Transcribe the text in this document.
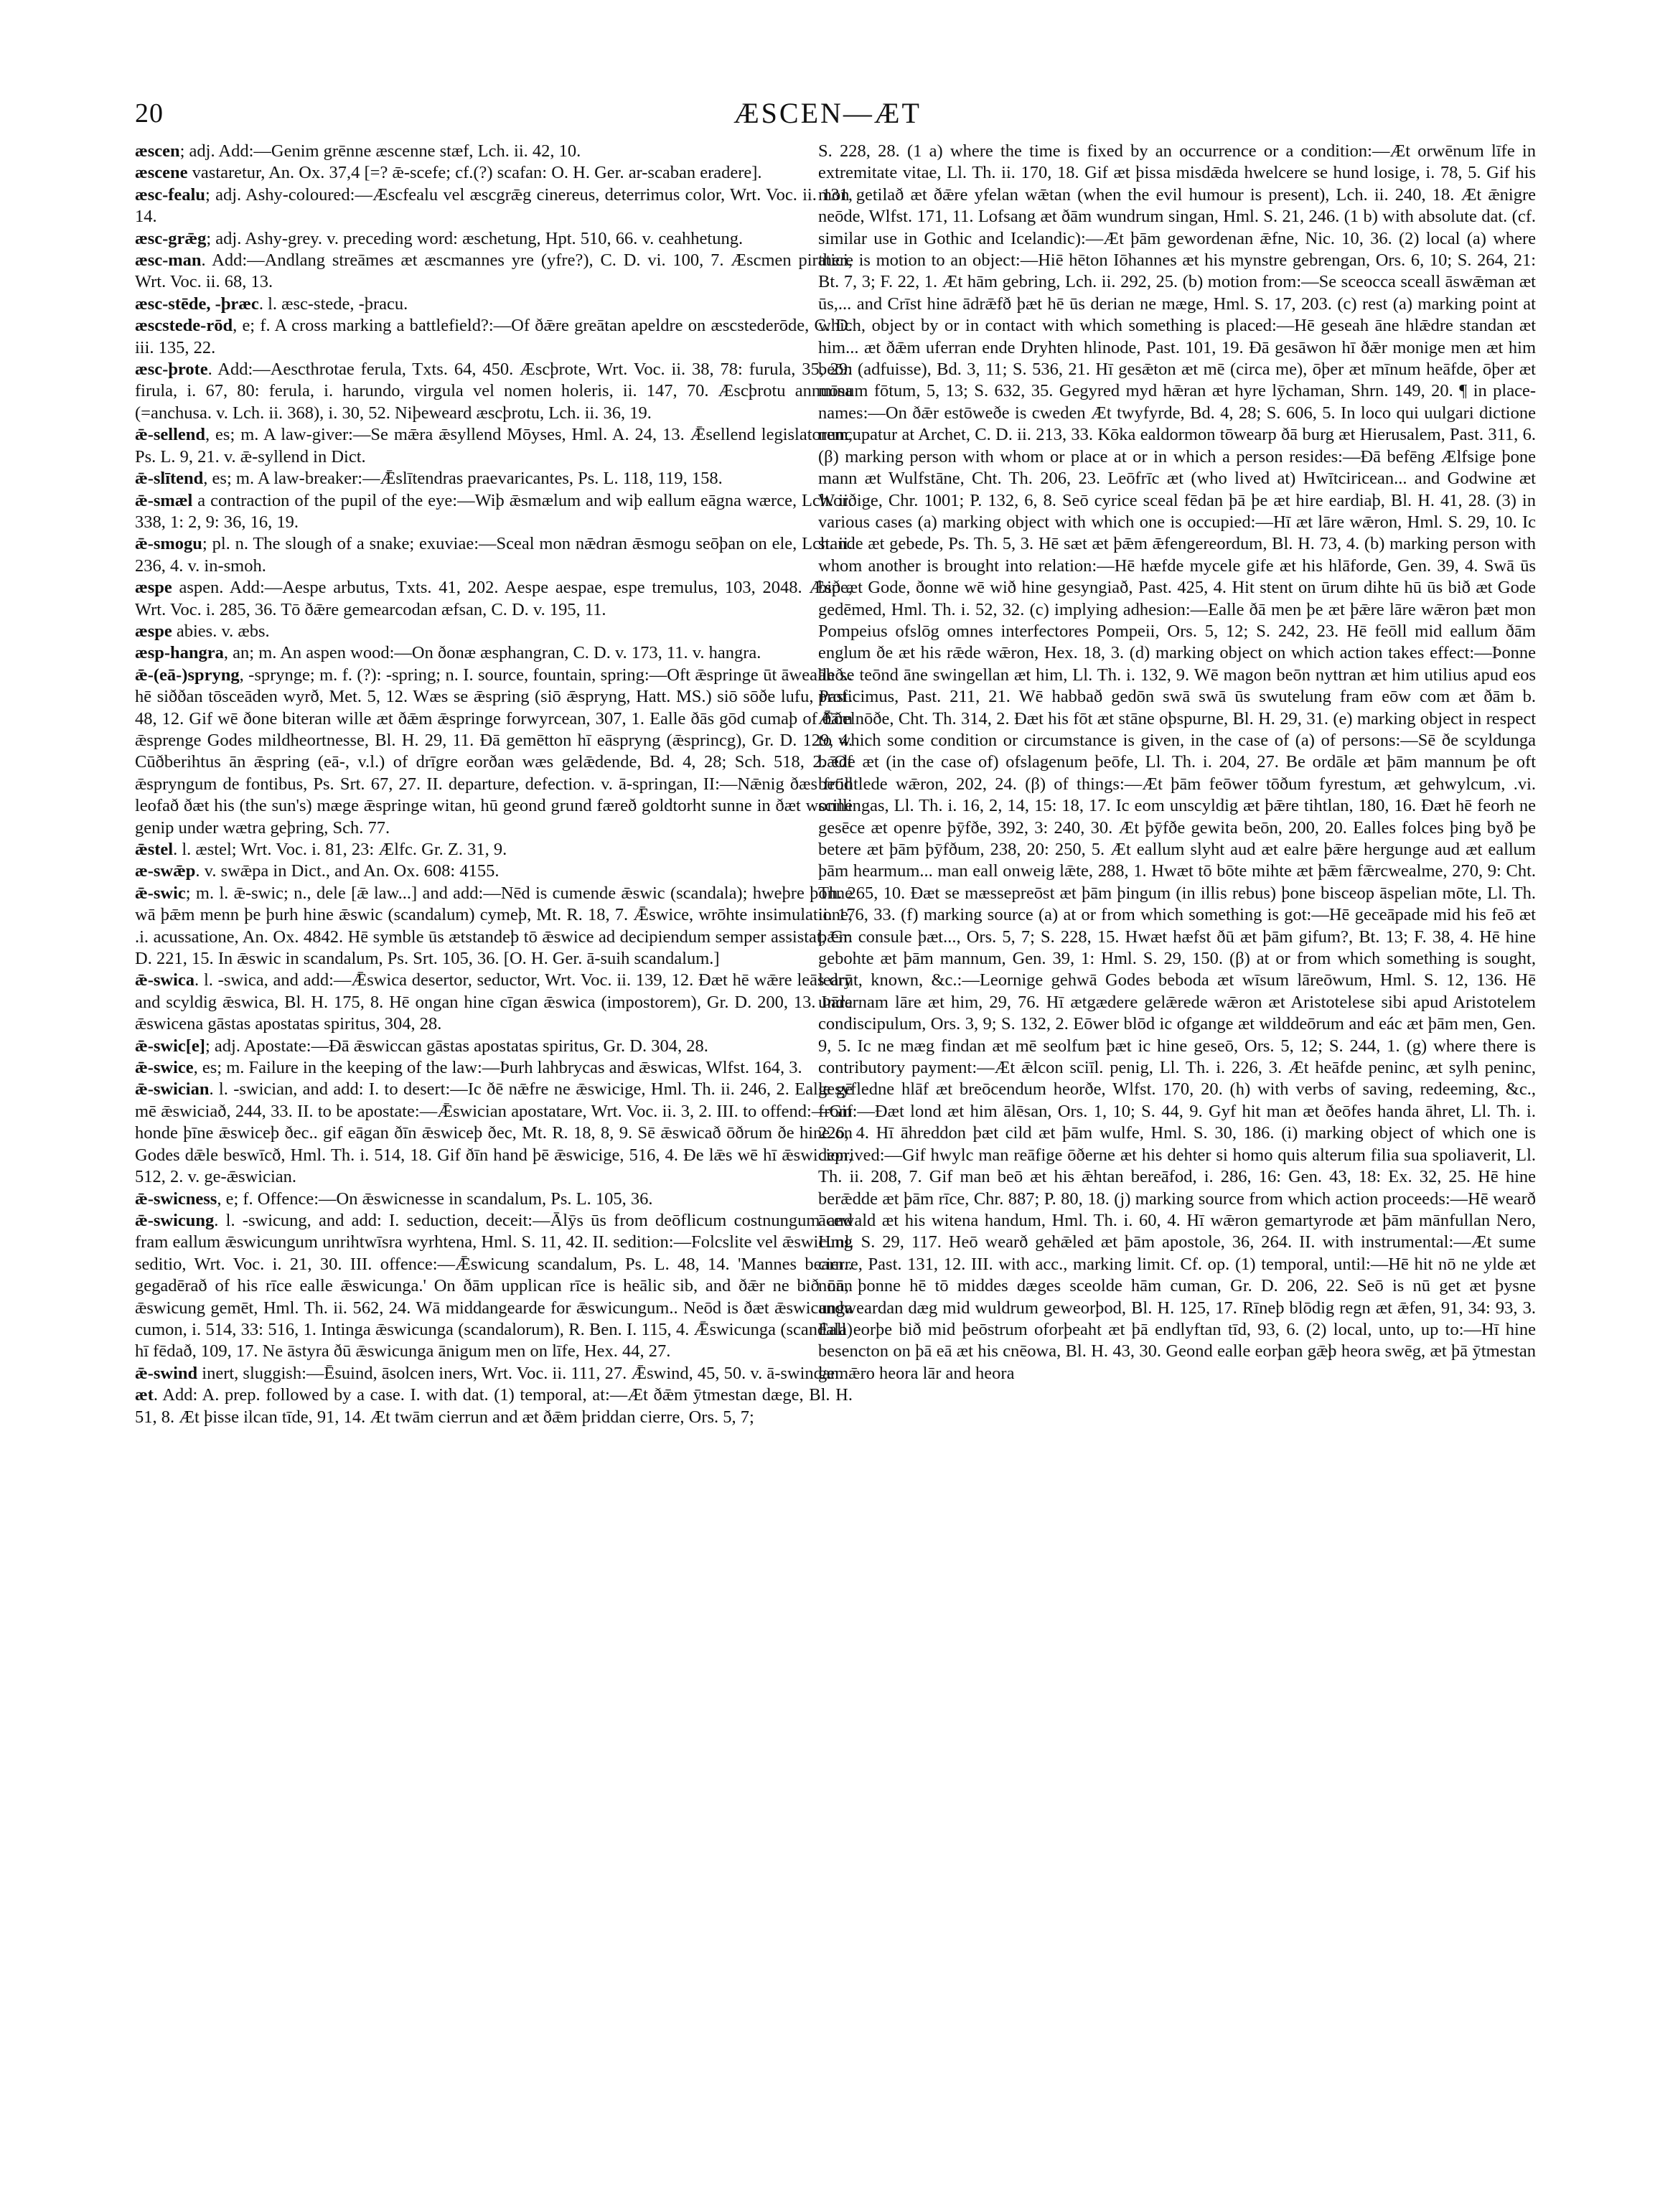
20	ÆSCEN—ÆT

æscen; adj. Add:—Genim grēnne æscenne stæf, Lch. ii. 42, 10.

æscene vastaretur, An. Ox. 37,4 [=? ǣ-scefe; cf.(?) scafan: O. H. Ger. ar-scaban eradere].

æsc-fealu; adj. Ashy-coloured:—Æscfealu vel æscgrǣg cinereus, deterrimus color, Wrt. Voc. ii. 131, 14.

æsc-grǣg; adj. Ashy-grey. v. preceding word: æschetung, Hpt. 510, 66. v. ceahhetung.

æsc-man. Add:—Andlang streāmes æt æscmannes yre (yfre?), C. D. vi. 100, 7. Æscmen piratici, Wrt. Voc. ii. 68, 13.

æsc-stēde, -þræc. l. æsc-stede, -þracu.

æscstede-rōd, e; f. A cross marking a battlefield?:—Of ðǣre greātan apeldre on æscstederōde, C. D. iii. 135, 22.

æsc-þrote. Add:—Aescthrotae ferula, Txts. 64, 450. Æscþrote, Wrt. Voc. ii. 38, 78: furula, 35, 29: firula, i. 67, 80: ferula, i. harundo, virgula vel nomen holeris, ii. 147, 70. Æscþrotu annuosa (=anchusa. v. Lch. ii. 368), i. 30, 52. Niþeweard æscþrotu, Lch. ii. 36, 19.

ǣ-sellend, es; m. A law-giver:—Se mǣra ǣsyllend Mōyses, Hml. A. 24, 13. Ǣsellend legislatorem, Ps. L. 9, 21. v. ǣ-syllend in Dict.

ǣ-slītend, es; m. A law-breaker:—Ǣslītendras praevaricantes, Ps. L. 118, 119, 158.

ǣ-smæl a contraction of the pupil of the eye:—Wiþ ǣsmælum and wiþ eallum eāgna wærce, Lch. ii. 338, 1: 2, 9: 36, 16, 19.

ǣ-smogu; pl. n. The slough of a snake; exuviae:—Sceal mon nǣdran ǣsmogu seōþan on ele, Lch. ii. 236, 4. v. in-smoh.

æspe aspen. Add:—Aespe arbutus, Txts. 41, 202. Aespe aespae, espe tremulus, 103, 2048. Æspe, Wrt. Voc. i. 285, 36. Tō ðǣre gemearcodan æfsan, C. D. v. 195, 11.

æspe abies. v. æbs.

æsp-hangra, an; m. An aspen wood:—On ðonæ æsphangran, C. D. v. 173, 11. v. hangra.

ǣ-(eā-)spryng, -sprynge; m. f. (?): -spring; n. I. source, fountain, spring:—Oft ǣspringe ūt āwealleð.. hē siððan tōsceāden wyrð, Met. 5, 12. Wæs se ǣspring (siō ǣspryng, Hatt. MS.) siō sōðe lufu, Past. 48, 12. Gif wē ðone biteran wille æt ðǣm ǣspringe forwyrcean, 307, 1. Ealle ðās gōd cumaþ of ðām ǣsprenge Godes mildheortnesse, Bl. H. 29, 11. Ðā gemētton hī eāspryng (ǣsprincg), Gr. D. 129, 4. Cūðberihtus ān ǣspring (eā-, v.l.) of drīgre eorðan wæs gelǣdende, Bd. 4, 28; Sch. 518, 2. Of ǣspryngum de fontibus, Ps. Srt. 67, 27. II. departure, defection. v. ā-springan, II:—Nǣnig ðæs frōd leofað ðæt his (the sun's) mæge ǣspringe witan, hū geond grund færeð goldtorht sunne in ðæt wonne genip under wætra geþring, Sch. 77.

ǣstel. l. æstel; Wrt. Voc. i. 81, 23: Ælfc. Gr. Z. 31, 9.

æ-swǣp. v. swǣpa in Dict., and An. Ox. 608: 4155.

ǣ-swic; m. l. ǣ-swic; n., dele [ǣ law...] and add:—Nēd is cumende ǣswic (scandala); hweþre þonne wā þǣm menn þe þurh hine ǣswic (scandalum) cymeþ, Mt. R. 18, 7. Ǣswice, wrōhte insimulatione, .i. acussatione, An. Ox. 4842. Hē symble ūs ætstandeþ tō ǣswice ad decipiendum semper assistat, Gr. D. 221, 15. In ǣswic in scandalum, Ps. Srt. 105, 36. [O. H. Ger. ā-suih scandalum.]

ǣ-swica. l. -swica, and add:—Ǣswica desertor, seductor, Wrt. Voc. ii. 139, 12. Ðæt hē wǣre leās drȳ and scyldig ǣswica, Bl. H. 175, 8. Hē ongan hine cīgan ǣswica (impostorem), Gr. D. 200, 13. Þāra ǣswicena gāstas apostatas spiritus, 304, 28.

ǣ-swic[e]; adj. Apostate:—Ðā ǣswiccan gāstas apostatas spiritus, Gr. D. 304, 28.

ǣ-swice, es; m. Failure in the keeping of the law:—Þurh lahbrycas and ǣswicas, Wlfst. 164, 3.

ǣ-swician. l. -swician, and add: I. to desert:—Ic ðē nǣfre ne ǣswicige, Hml. Th. ii. 246, 2. Ealle gē mē ǣswiciað, 244, 33. II. to be apostate:—Ǣswician apostatare, Wrt. Voc. ii. 3, 2. III. to offend:—Gif honde þīne ǣswiceþ ðec.. gif eāgan ðīn ǣswiceþ ðec, Mt. R. 18, 8, 9. Sē ǣswicað ōðrum ðe hine on Godes dǣle beswīcð, Hml. Th. i. 514, 18. Gif ðīn hand þē ǣswicige, 516, 4. Ðe lǣs wē hī ǣswicion, 512, 2. v. ge-ǣswician.

ǣ-swicness, e; f. Offence:—On ǣswicnesse in scandalum, Ps. L. 105, 36.

ǣ-swicung. l. -swicung, and add: I. seduction, deceit:—Ālȳs ūs from deōflicum costnungum and fram eallum ǣswicungum unrihtwīsra wyrhtena, Hml. S. 11, 42. II. sedition:—Folcslite vel ǣswicung seditio, Wrt. Voc. i. 21, 30. III. offence:—Ǣswicung scandalum, Ps. L. 48, 14. 'Mannes bearn.. gegadērað of his rīce ealle ǣswicunga.' On ðām upplican rīce is heālic sib, and ðǣr ne bið nān ǣswicung gemēt, Hml. Th. ii. 562, 24. Wā middangearde for ǣswicungum.. Neōd is ðæt ǣswicunga cumon, i. 514, 33: 516, 1. Intinga ǣswicunga (scandalorum), R. Ben. I. 115, 4. Ǣswicunga (scandala) hī fēdað, 109, 17. Ne āstyra ðū ǣswicunga ānigum men on līfe, Hex. 44, 27.

ǣ-swind inert, sluggish:—Ēsuind, āsolcen iners, Wrt. Voc. ii. 111, 27. Ǣswind, 45, 50. v. ā-swindan.

æt. Add: A. prep. followed by a case. I. with dat. (1) temporal, at:—Æt ðǣm ȳtmestan dæge, Bl. H. 51, 8. Æt þisse ilcan tīde, 91, 14. Æt twām cierrun and æt ðǣm þriddan cierre, Ors. 5, 7;

S. 228, 28. (1 a) where the time is fixed by an occurrence or a condition:—Æt orwēnum līfe in extremitate vitae, Ll. Th. ii. 170, 18. Gif æt þissa misdǣda hwelcere se hund losige, i. 78, 5. Gif his mon getilað æt ðǣre yfelan wǣtan (when the evil humour is present), Lch. ii. 240, 18. Æt ǣnigre neōde, Wlfst. 171, 11. Lofsang æt ðām wundrum singan, Hml. S. 21, 246. (1 b) with absolute dat. (cf. similar use in Gothic and Icelandic):—Æt þām gewordenan ǣfne, Nic. 10, 36. (2) local (a) where there is motion to an object:—Hiē hēton Iōhannes æt his mynstre gebrengan, Ors. 6, 10; S. 264, 21: Bt. 7, 3; F. 22, 1. Æt hām gebring, Lch. ii. 292, 25. (b) motion from:—Se sceocca sceall āswǣman æt ūs,... and Crīst hine ādrǣfð þæt hē ūs derian ne mæge, Hml. S. 17, 203. (c) rest (a) marking point at which, object by or in contact with which something is placed:—Hē geseah āne hlǣdre standan æt him... æt ðǣm uferran ende Dryhten hlinode, Past. 101, 19. Ðā gesāwon hī ðǣr monige men æt him beōn (adfuisse), Bd. 3, 11; S. 536, 21. Hī gesǣton æt mē (circa me), ōþer æt mīnum heāfde, ōþer æt mīnum fōtum, 5, 13; S. 632, 35. Gegyred myd hǣran æt hyre lȳchaman, Shrn. 149, 20. ¶ in place-names:—On ðǣr estōweðe is cweden Æt twyfyrde, Bd. 4, 28; S. 606, 5. In loco qui uulgari dictione nuncupatur at Archet, C. D. ii. 213, 33. Kōka ealdormon tōwearp ðā burg æt Hierusalem, Past. 311, 6. (β) marking person with whom or place at or in which a person resides:—Ðā befēng Ælfsige þone mann æt Wulfstāne, Cht. Th. 206, 23. Leōfrīc æt (who lived at) Hwītciricean... and Godwine æt Worðige, Chr. 1001; P. 132, 6, 8. Seō cyrice sceal fēdan þā þe æt hire eardiaþ, Bl. H. 41, 28. (3) in various cases (a) marking object with which one is occupied:—Hī æt lāre wǣron, Hml. S. 29, 10. Ic stande æt gebede, Ps. Th. 5, 3. Hē sæt æt þǣm ǣfengereordum, Bl. H. 73, 4. (b) marking person with whom another is brought into relation:—Hē hæfde mycele gife æt his hlāforde, Gen. 39, 4. Swā ūs bið æt Gode, ðonne wē wið hine gesyngiað, Past. 425, 4. Hit stent on ūrum dihte hū ūs bið æt Gode gedēmed, Hml. Th. i. 52, 32. (c) implying adhesion:—Ealle ðā men þe æt þǣre lāre wǣron þæt mon Pompeius ofslōg omnes interfectores Pompeii, Ors. 5, 12; S. 242, 23. Hē feōll mid eallum ðām englum ðe æt his rǣde wǣron, Hex. 18, 3. (d) marking object on which action takes effect:—Þonne āh se teōnd āne swingellan æt him, Ll. Th. i. 132, 9. Wē magon beōn nyttran æt him utilius apud eos proficimus, Past. 211, 21. Wē habbað gedōn swā swā ūs swutelung fram eōw com æt ðām b. Ǣðelnōðe, Cht. Th. 314, 2. Ðæt his fōt æt stāne oþspurne, Bl. H. 29, 31. (e) marking object in respect to which some condition or circumstance is given, in the case of (a) of persons:—Sē ðe scyldunga bǣde æt (in the case of) ofslagenum þeōfe, Ll. Th. i. 204, 27. Be ordāle æt þām mannum þe oft betihtlede wǣron, 202, 24. (β) of things:—Æt þām feōwer tōðum fyrestum, æt gehwylcum, .vi. scillingas, Ll. Th. i. 16, 2, 14, 15: 18, 17. Ic eom unscyldig æt þǣre tihtlan, 180, 16. Ðæt hē feorh ne gesēce æt openre þȳfðe, 392, 3: 240, 30. Æt þȳfðe gewita beōn, 200, 20. Ealles folces þing byð þe betere æt þām þȳfðum, 238, 20: 250, 5. Æt eallum slyht aud æt ealre þǣre hergunge aud æt eallum þām hearmum... man eall onweig lǣte, 288, 1. Hwæt tō bōte mihte æt þǣm fǣrcwealme, 270, 9: Cht. Th. 265, 10. Ðæt se mæssepreōst æt þām þingum (in illis rebus) þone bisceop āspelian mōte, Ll. Th. ii. 176, 33. (f) marking source (a) at or from which something is got:—Hē geceāpade mid his feō æt þǣm consule þæt..., Ors. 5, 7; S. 228, 15. Hwæt hæfst ðū æt þām gifum?, Bt. 13; F. 38, 4. Hē hine gebohte æt þām mannum, Gen. 39, 1: Hml. S. 29, 150. (β) at or from which something is sought, learnt, known, &c.:—Leornige gehwā Godes beboda æt wīsum lāreōwum, Hml. S. 12, 136. Hē undernam lāre æt him, 29, 76. Hī ætgædere gelǣrede wǣron æt Aristotelese sibi apud Aristotelem condiscipulum, Ors. 3, 9; S. 132, 2. Eōwer blōd ic ofgange æt wilddeōrum and eác æt þām men, Gen. 9, 5. Ic ne mæg findan æt mē seolfum þæt ic hine geseō, Ors. 5, 12; S. 244, 1. (g) where there is contributory payment:—Æt ǣlcon sciīl. penig, Ll. Th. i. 226, 3. Æt heāfde peninc, æt sylh peninc, gesyfledne hlāf æt breōcendum heorðe, Wlfst. 170, 20. (h) with verbs of saving, redeeming, &c., from:—Ðæt lond æt him ālēsan, Ors. 1, 10; S. 44, 9. Gyf hit man æt ðeōfes handa āhret, Ll. Th. i. 226, 4. Hī āhreddon þæt cild æt þām wulfe, Hml. S. 30, 186. (i) marking object of which one is deprived:—Gif hwylc man reāfige ōðerne æt his dehter si homo quis alterum filia sua spoliaverit, Ll. Th. ii. 208, 7. Gif man beō æt his ǣhtan bereāfod, i. 286, 16: Gen. 43, 18: Ex. 32, 25. Hē hine berǣdde æt þām rīce, Chr. 887; P. 80, 18. (j) marking source from which action proceeds:—Hē wearð ācewald æt his witena handum, Hml. Th. i. 60, 4. Hī wǣron gemartyrode æt þām mānfullan Nero, Hml. S. 29, 117. Heō wearð gehǣled æt þām apostole, 36, 264. II. with instrumental:—Æt sume cierre, Past. 131, 12. III. with acc., marking limit. Cf. op. (1) temporal, until:—Hē hit nō ne ylde æt nōn, þonne hē tō middes dæges sceolde hām cuman, Gr. D. 206, 22. Seō is nū get æt þysne andweardan dæg mid wuldrum geweorþod, Bl. H. 125, 17. Rīneþ blōdig regn æt ǣfen, 91, 34: 93, 3. Eall eorþe bið mid þeōstrum oforþeaht æt þā endlyftan tīd, 93, 6. (2) local, unto, up to:—Hī hine besencton on þā eā æt his cnēowa, Bl. H. 43, 30. Geond ealle eorþan gǣþ heora swēg, æt þā ȳtmestan gemǣro heora lār and heora
